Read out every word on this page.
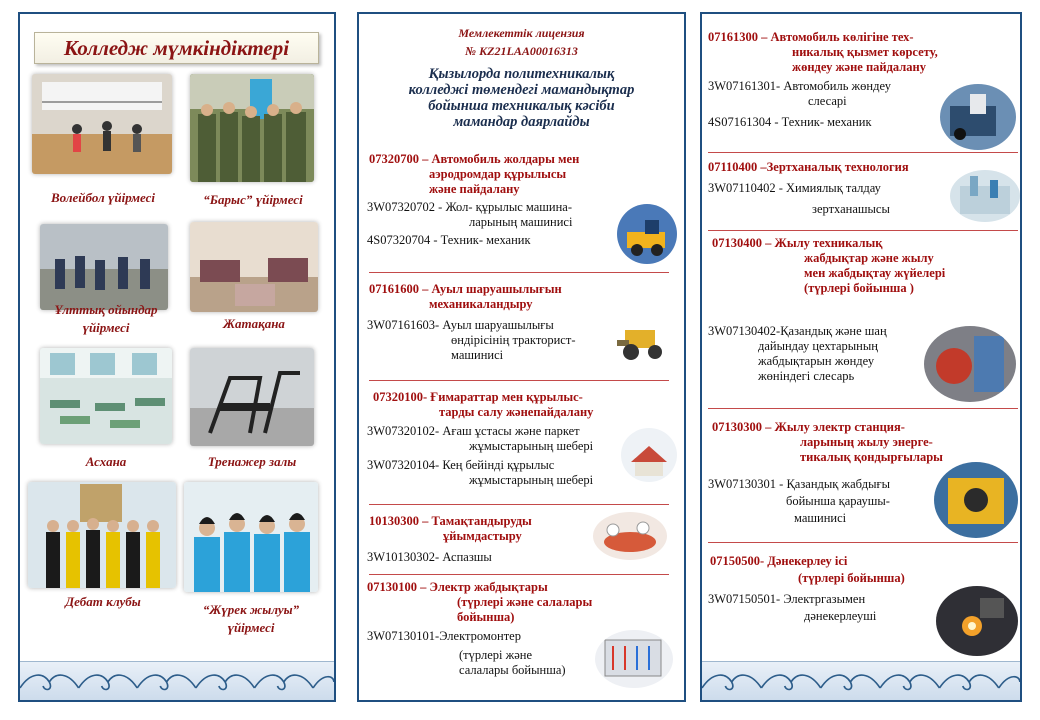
Колледж мүмкіндіктері
Волейбол үйірмесі	“Барыс” үйірмесі
Ұлттық ойындар
үйірмесі	Жатақана
Асхана	Тренажер залы
Дебат клубы
“Жүрек жылуы”
үйірмесі
Мемлекеттік лицензия
№ KZ21LAA00016313
Қызылорда политехникалық
колледжі төмендегі мамандықтар
бойынша техникалық кәсіби
мамандар даярлайды
07320700 – Автомобиль жолдары мен
аэродромдар құрылысы
және пайдалану
3W07320702 - Жол- құрылыс машина-
ларының машинисі
4S07320704 - Техник- механик
07161600 – Ауыл шаруашылығын
механикаландыру
3W07161603- Ауыл шаруашылығы
өндірісінің тракторист-
машинисі
07320100- Ғимараттар мен құрылыс-
тарды салу жәнепайдалану
3W07320102- Ағаш ұстасы және паркет
жұмыстарының шебері
3W07320104- Кең бейінді құрылыс
жұмыстарының шебері
10130300 – Тамақтандыруды
ұйымдастыру
3W10130302- Аспазшы
07130100 – Электр жабдықтары
(түрлері және салалары
бойынша)
3W07130101-Электромонтер
(түрлері және
салалары бойынша)
07161300 – Автомобиль көлігіне тех-
никалық қызмет көрсету,
жөндеу және пайдалану
3W07161301- Автомобиль жөндеу
слесарі
4S07161304 - Техник- механик
07110400 –Зертханалық технология
3W07110402 - Химиялық талдау
зертханашысы
07130400 – Жылу техникалық
жабдықтар және жылу
мен жабдықтау жүйелері
(түрлері бойынша )
3W07130402-Қазандық және шаң
дайындау цехтарының
жабдықтарын жөндеу
жөніндегі слесарь
07130300 – Жылу электр станция-
ларының жылу энерге-
тикалық қондырғылары
3W07130301 - Қазандық жабдығы
бойынша қараушы-
машинисі
07150500- Дәнекерлеу ісі
(түрлері бойынша)
3W07150501- Электргазымен
дәнекерлеуші
